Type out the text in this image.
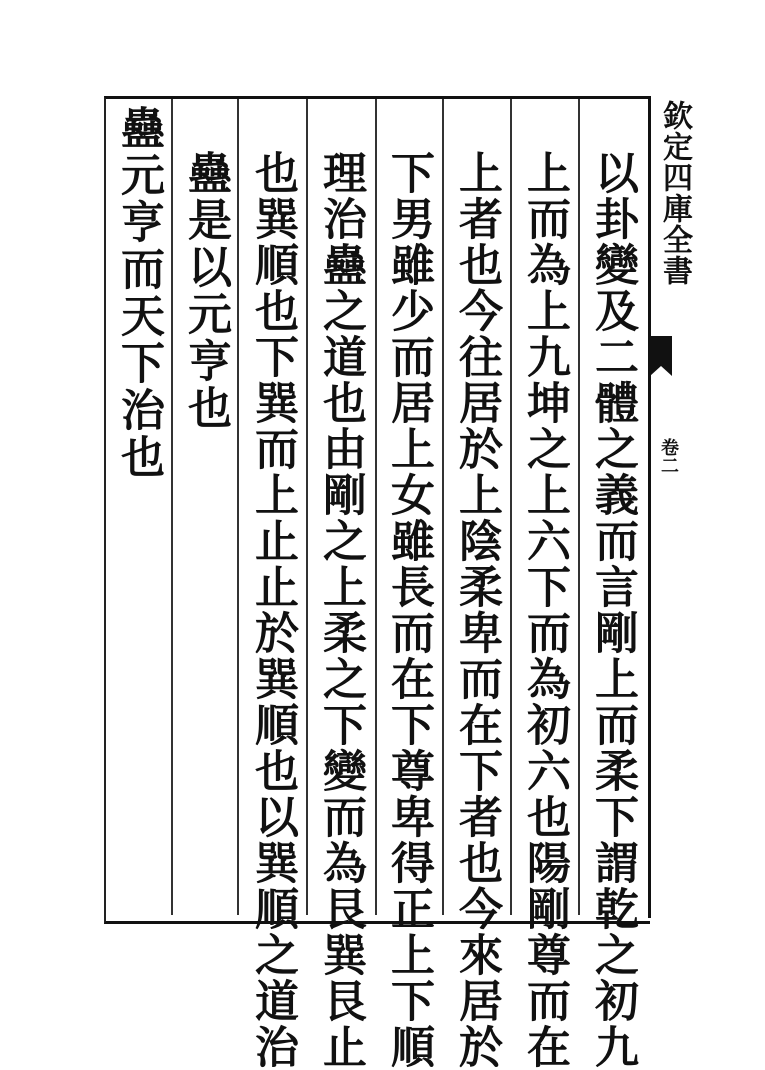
欽定四庫全書
卷二
以卦變及二體之義而言剛上而柔下謂乾之初九
上而為上九坤之上六下而為初六也陽剛尊而在
上者也今往居於上陰柔卑而在下者也今來居於
下男雖少而居上女雖長而在下尊卑得正上下順
理治蠱之道也由剛之上柔之下變而為艮巽艮止
也巽順也下巽而上止止於巽順也以巽順之道治
蠱是以元亨也
蠱元亨而天下治也
